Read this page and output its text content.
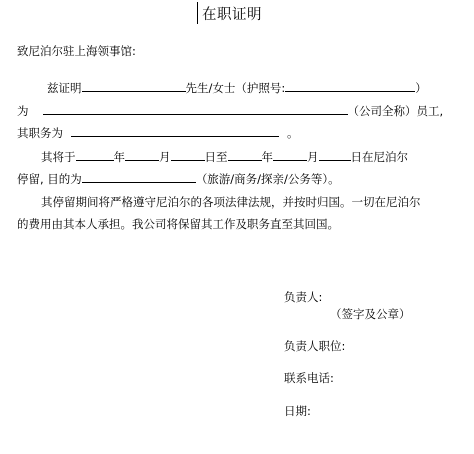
在职证明
致尼泊尔驻上海领事馆:
兹证明	先生/女士（护照号:	）
为	（公司全称）员工,
其职务为	。
其将于	年	月	日至	年	月	日在尼泊尔
停留, 目的为	（旅游/商务/探亲/公务等）。
其停留期间将严格遵守尼泊尔的各项法律法规，并按时归国。一切在尼泊尔
的费用由其本人承担。我公司将保留其工作及职务直至其回国。
负责人:
（签字及公章）
负责人职位:
联系电话:
日期:
